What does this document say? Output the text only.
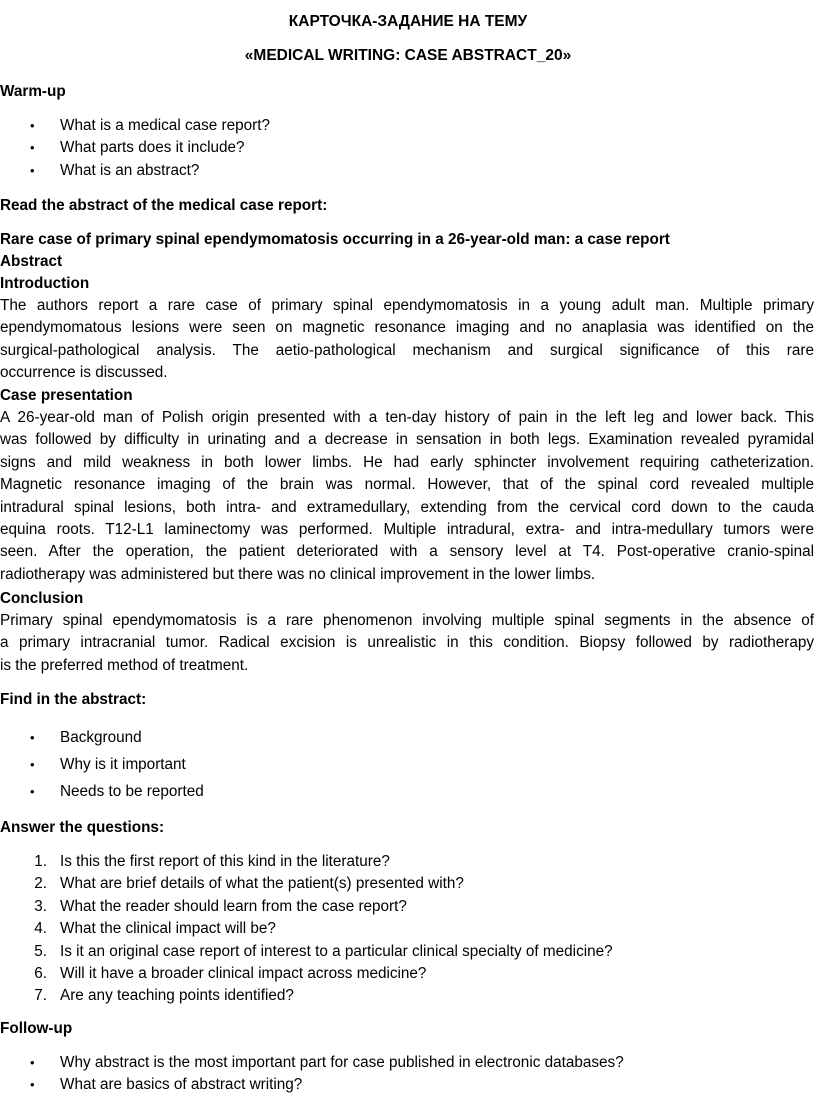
КАРТОЧКА-ЗАДАНИЕ НА ТЕМУ
«MEDICAL WRITING: CASE ABSTRACT_20»
Warm-up
• What is a medical case report?
• What parts does it include?
• What is an abstract?
Read the abstract of the medical case report:
Rare case of primary spinal ependymomatosis occurring in a 26-year-old man: a case report
Abstract
Introduction
The authors report a rare case of primary spinal ependymomatosis in a young adult man. Multiple primary
ependymomatous lesions were seen on magnetic resonance imaging and no anaplasia was identified on the
surgical-pathological analysis. The aetio-pathological mechanism and surgical significance of this rare
occurrence is discussed.
Case presentation
A 26-year-old man of Polish origin presented with a ten-day history of pain in the left leg and lower back. This
was followed by difficulty in urinating and a decrease in sensation in both legs. Examination revealed pyramidal
signs and mild weakness in both lower limbs. He had early sphincter involvement requiring catheterization.
Magnetic resonance imaging of the brain was normal. However, that of the spinal cord revealed multiple
intradural spinal lesions, both intra- and extramedullary, extending from the cervical cord down to the cauda
equina roots. T12-L1 laminectomy was performed. Multiple intradural, extra- and intra-medullary tumors were
seen. After the operation, the patient deteriorated with a sensory level at T4. Post-operative cranio-spinal
radiotherapy was administered but there was no clinical improvement in the lower limbs.
Conclusion
Primary spinal ependymomatosis is a rare phenomenon involving multiple spinal segments in the absence of
a primary intracranial tumor. Radical excision is unrealistic in this condition. Biopsy followed by radiotherapy
is the preferred method of treatment.
Find in the abstract:
• Background
• Why is it important
• Needs to be reported
Answer the questions:
1. Is this the first report of this kind in the literature?
2. What are brief details of what the patient(s) presented with?
3. What the reader should learn from the case report?
4. What the clinical impact will be?
5. Is it an original case report of interest to a particular clinical specialty of medicine?
6. Will it have a broader clinical impact across medicine?
7. Are any teaching points identified?
Follow-up
• Why abstract is the most important part for case published in electronic databases?
• What are basics of abstract writing?
